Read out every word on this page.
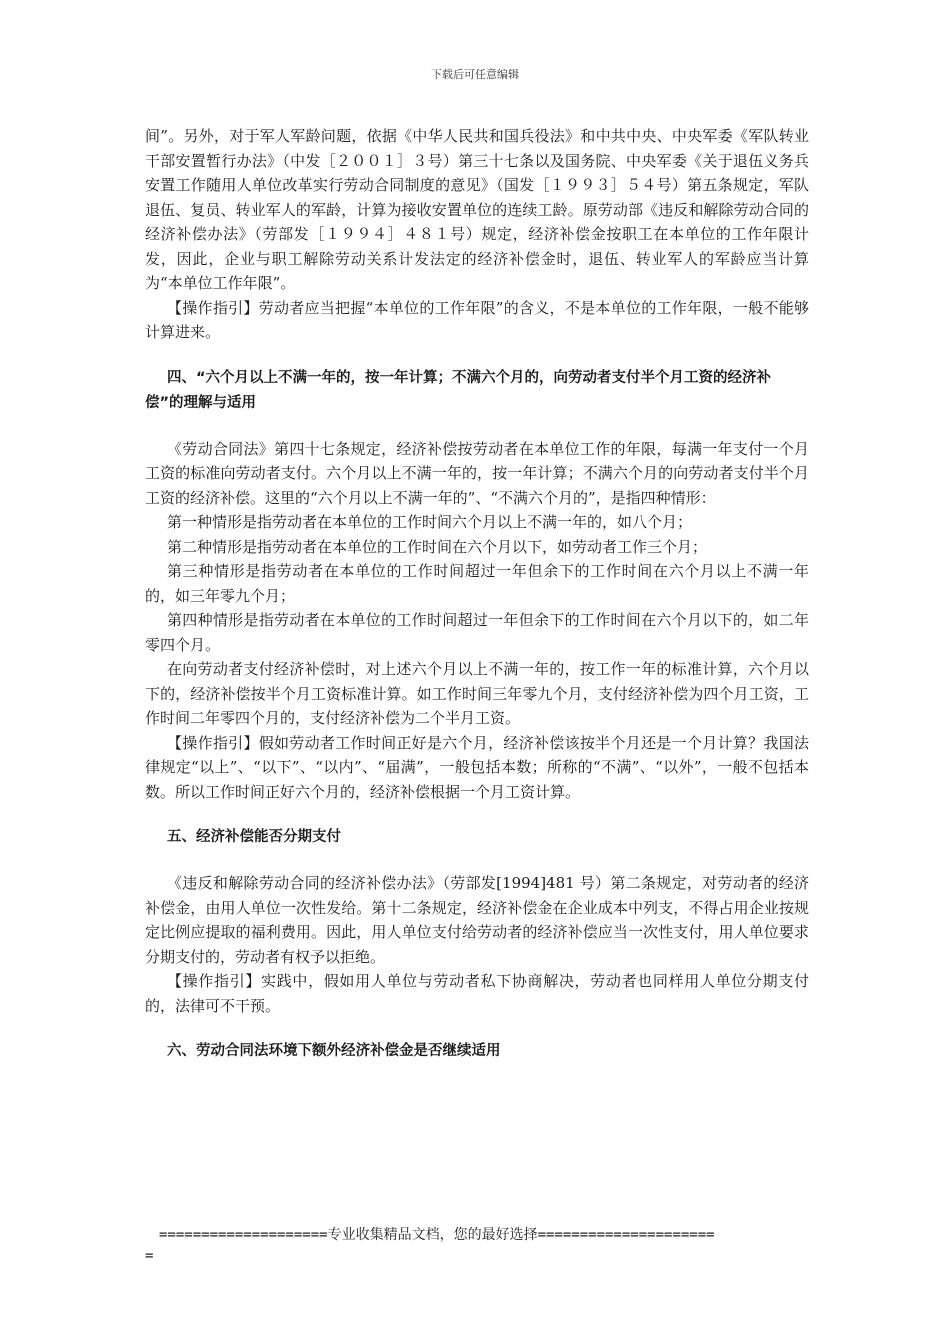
下载后可任意编辑

间”。另外，对于军人军龄问题，依据《中华人民共和国兵役法》和中共中央、中央军委《军队转业干部安置暂行办法》（中发［２００１］３号）第三十七条以及国务院、中央军委《关于退伍义务兵安置工作随用人单位改革实行劳动合同制度的意见》（国发［１９９３］５４号）第五条规定，军队退伍、复员、转业军人的军龄，计算为接收安置单位的连续工龄。原劳动部《违反和解除劳动合同的经济补偿办法》（劳部发［１９９４］４８１号）规定，经济补偿金按职工在本单位的工作年限计发，因此，企业与职工解除劳动关系计发法定的经济补偿金时，退伍、转业军人的军龄应当计算为“本单位工作年限”。

【操作指引】劳动者应当把握“本单位的工作年限”的含义，不是本单位的工作年限，一般不能够计算进来。

四、“六个月以上不满一年的，按一年计算；不满六个月的，向劳动者支付半个月工资的经济补偿”的理解与适用

《劳动合同法》第四十七条规定，经济补偿按劳动者在本单位工作的年限，每满一年支付一个月工资的标准向劳动者支付。六个月以上不满一年的，按一年计算；不满六个月的向劳动者支付半个月工资的经济补偿。这里的“六个月以上不满一年的”、“不满六个月的”，是指四种情形：

第一种情形是指劳动者在本单位的工作时间六个月以上不满一年的，如八个月；

第二种情形是指劳动者在本单位的工作时间在六个月以下，如劳动者工作三个月；

第三种情形是指劳动者在本单位的工作时间超过一年但余下的工作时间在六个月以上不满一年的，如三年零九个月；

第四种情形是指劳动者在本单位的工作时间超过一年但余下的工作时间在六个月以下的，如二年零四个月。

在向劳动者支付经济补偿时，对上述六个月以上不满一年的，按工作一年的标准计算，六个月以下的，经济补偿按半个月工资标准计算。如工作时间三年零九个月，支付经济补偿为四个月工资，工作时间二年零四个月的，支付经济补偿为二个半月工资。

【操作指引】假如劳动者工作时间正好是六个月，经济补偿该按半个月还是一个月计算？我国法律规定“以上”、“以下”、“以内”、“届满”，一般包括本数；所称的“不满”、“以外”，一般不包括本数。所以工作时间正好六个月的，经济补偿根据一个月工资计算。

五、经济补偿能否分期支付

《违反和解除劳动合同的经济补偿办法》（劳部发[1994]481 号）第二条规定，对劳动者的经济补偿金，由用人单位一次性发给。第十二条规定，经济补偿金在企业成本中列支，不得占用企业按规定比例应提取的福利费用。因此，用人单位支付给劳动者的经济补偿应当一次性支付，用人单位要求分期支付的，劳动者有权予以拒绝。

【操作指引】实践中，假如用人单位与劳动者私下协商解决，劳动者也同样用人单位分期支付的，法律可不干预。

六、劳动合同法环境下额外经济补偿金是否继续适用

====================专业收集精品文档，您的最好选择=====================
=
